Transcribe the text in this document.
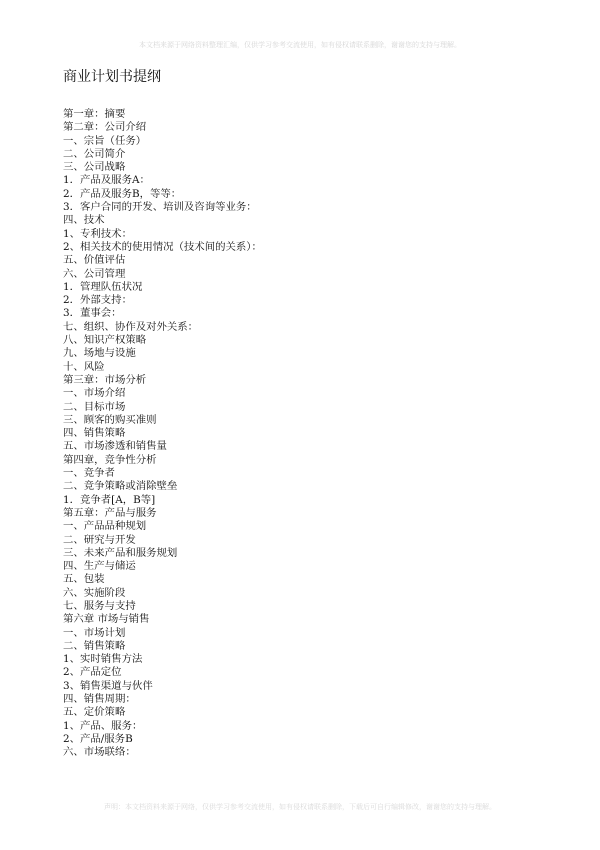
本文档来源于网络资料整理汇编，仅供学习参考交流使用，如有侵权请联系删除，谢谢您的支持与理解。
商业计划书提纲
第一章：摘要
第二章：公司介绍
一、宗旨（任务）
二、公司简介
三、公司战略
1．产品及服务A：
2．产品及服务B，等等：
3．客户合同的开发、培训及咨询等业务：
四、技术
1、专利技术：
2、相关技术的使用情况（技术间的关系）：
五、价值评估
六、公司管理
1．管理队伍状况
2．外部支持：
3．董事会：
七、组织、协作及对外关系：
八、知识产权策略
九、场地与设施
十、风险
第三章：市场分析
一、市场介绍
二、目标市场
三、顾客的购买准则
四、销售策略
五、市场渗透和销售量
第四章，竞争性分析
一、竞争者
二、竞争策略或消除壁垒
1．竞争者[A，B等]
第五章：产品与服务
一、产品品种规划
二、研究与开发
三、未来产品和服务规划
四、生产与储运
五、包装
六、实施阶段
七、服务与支持
第六章 市场与销售
一、市场计划
二、销售策略
1、实时销售方法
2、产品定位
3、销售渠道与伙伴
四、销售周期：
五、定价策略
1、产品、服务：
2、产品/服务B
六、市场联络：
声明：本文档资料来源于网络，仅供学习参考交流使用，如有侵权请联系删除，下载后可自行编辑修改，谢谢您的支持与理解。
